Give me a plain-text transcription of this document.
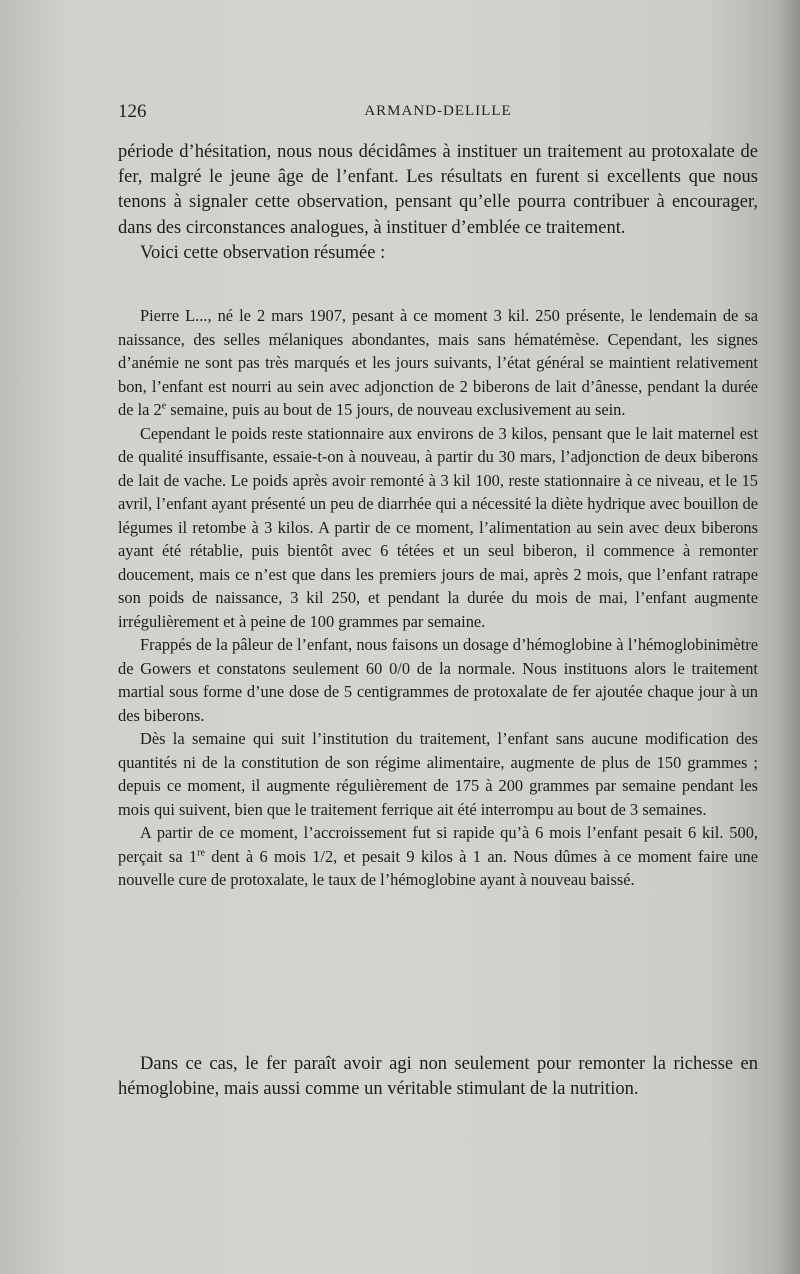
126	ARMAND-DELILLE

période d’hésitation, nous nous décidâmes à instituer un traitement au protoxalate de fer, malgré le jeune âge de l’enfant. Les résultats en furent si excellents que nous tenons à signaler cette observation, pensant qu’elle pourra contribuer à encourager, dans des circonstances analogues, à instituer d’emblée ce traitement.

Voici cette observation résumée :

Pierre L..., né le 2 mars 1907, pesant à ce moment 3 kil. 250 présente, le lendemain de sa naissance, des selles mélaniques abondantes, mais sans hématémèse. Cependant, les signes d’anémie ne sont pas très marqués et les jours suivants, l’état général se maintient relativement bon, l’enfant est nourri au sein avec adjonction de 2 biberons de lait d’ânesse, pendant la durée de la 2e semaine, puis au bout de 15 jours, de nouveau exclusivement au sein.

Cependant le poids reste stationnaire aux environs de 3 kilos, pensant que le lait maternel est de qualité insuffisante, essaie-t-on à nouveau, à partir du 30 mars, l’adjonction de deux biberons de lait de vache. Le poids après avoir remonté à 3 kil 100, reste stationnaire à ce niveau, et le 15 avril, l’enfant ayant présenté un peu de diarrhée qui a nécessité la diète hydrique avec bouillon de légumes il retombe à 3 kilos. A partir de ce moment, l’alimentation au sein avec deux biberons ayant été rétablie, puis bientôt avec 6 tétées et un seul biberon, il commence à remonter doucement, mais ce n’est que dans les premiers jours de mai, après 2 mois, que l’enfant ratrape son poids de naissance, 3 kil 250, et pendant la durée du mois de mai, l’enfant augmente irrégulièrement et à peine de 100 grammes par semaine.

Frappés de la pâleur de l’enfant, nous faisons un dosage d’hémoglobine à l’hémoglobinimètre de Gowers et constatons seulement 60 0/0 de la normale. Nous instituons alors le traitement martial sous forme d’une dose de 5 centigrammes de protoxalate de fer ajoutée chaque jour à un des biberons.

Dès la semaine qui suit l’institution du traitement, l’enfant sans aucune modification des quantités ni de la constitution de son régime alimentaire, augmente de plus de 150 grammes ; depuis ce moment, il augmente régulièrement de 175 à 200 grammes par semaine pendant les mois qui suivent, bien que le traitement ferrique ait été interrompu au bout de 3 semaines.

A partir de ce moment, l’accroissement fut si rapide qu’à 6 mois l’enfant pesait 6 kil. 500, perçait sa 1re dent à 6 mois 1/2, et pesait 9 kilos à 1 an. Nous dûmes à ce moment faire une nouvelle cure de protoxalate, le taux de l’hémoglobine ayant à nouveau baissé.

Dans ce cas, le fer paraît avoir agi non seulement pour remonter la richesse en hémoglobine, mais aussi comme un véritable stimulant de la nutrition.
